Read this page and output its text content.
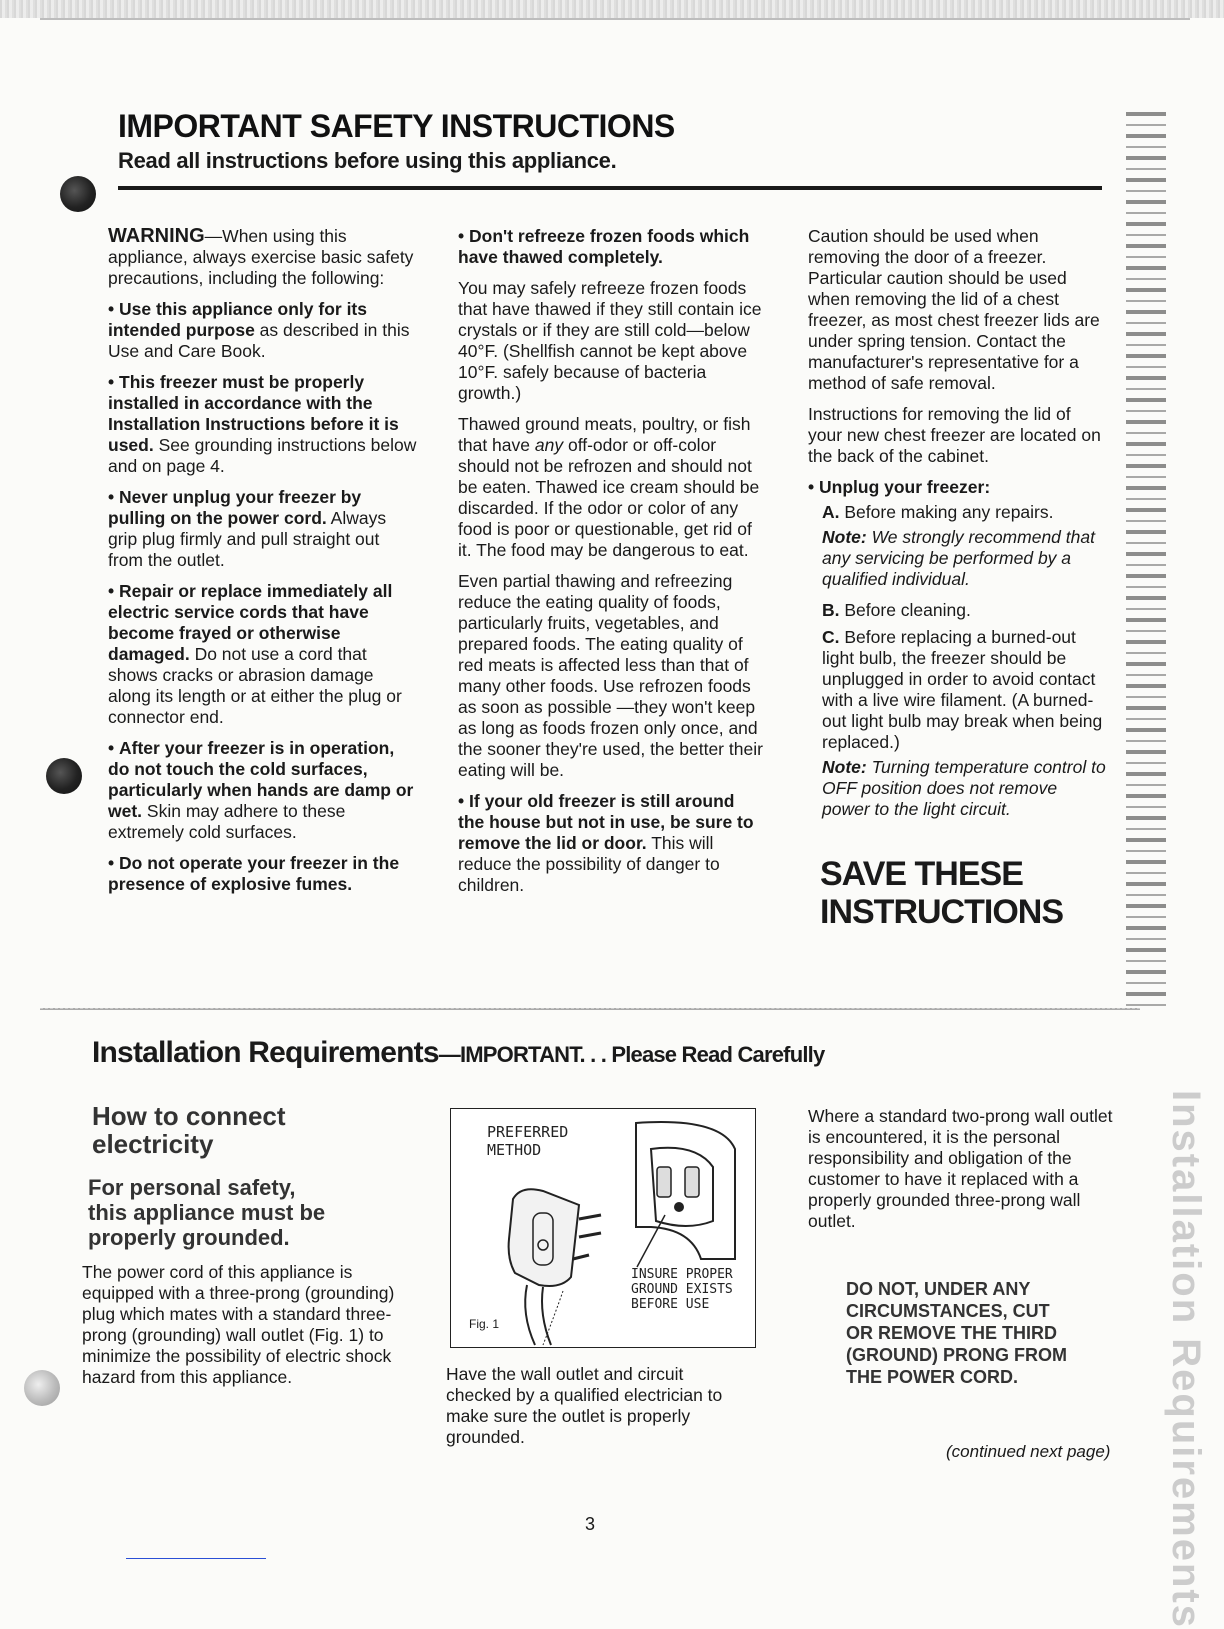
IMPORTANT SAFETY INSTRUCTIONS
Read all instructions before using this appliance.

WARNING—When using this appliance, always exercise basic safety precautions, including the following:

• Use this appliance only for its intended purpose as described in this Use and Care Book.

• This freezer must be properly installed in accordance with the Installation Instructions before it is used. See grounding instructions below and on page 4.

• Never unplug your freezer by pulling on the power cord. Always grip plug firmly and pull straight out from the outlet.

• Repair or replace immediately all electric service cords that have become frayed or otherwise damaged. Do not use a cord that shows cracks or abrasion damage along its length or at either the plug or connector end.

• After your freezer is in operation, do not touch the cold surfaces, particularly when hands are damp or wet. Skin may adhere to these extremely cold surfaces.

• Do not operate your freezer in the presence of explosive fumes.

• Don't refreeze frozen foods which have thawed completely.

You may safely refreeze frozen foods that have thawed if they still contain ice crystals or if they are still cold—below 40°F. (Shellfish cannot be kept above 10°F. safely because of bacteria growth.)

Thawed ground meats, poultry, or fish that have any off-odor or off-color should not be refrozen and should not be eaten. Thawed ice cream should be discarded. If the odor or color of any food is poor or questionable, get rid of it. The food may be dangerous to eat.

Even partial thawing and refreezing reduce the eating quality of foods, particularly fruits, vegetables, and prepared foods. The eating quality of red meats is affected less than that of many other foods. Use refrozen foods as soon as possible —they won't keep as long as foods frozen only once, and the sooner they're used, the better their eating will be.

• If your old freezer is still around the house but not in use, be sure to remove the lid or door. This will reduce the possibility of danger to children.

Caution should be used when removing the door of a freezer. Particular caution should be used when removing the lid of a chest freezer, as most chest freezer lids are under spring tension. Contact the manufacturer's representative for a method of safe removal.

Instructions for removing the lid of your new chest freezer are located on the back of the cabinet.

• Unplug your freezer:

A. Before making any repairs.

Note: We strongly recommend that any servicing be performed by a qualified individual.

B. Before cleaning.

C. Before replacing a burned-out light bulb, the freezer should be unplugged in order to avoid contact with a live wire filament. (A burned-out light bulb may break when being replaced.)

Note: Turning temperature control to OFF position does not remove power to the light circuit.

SAVE THESE
INSTRUCTIONS
Installation Requirements—IMPORTANT. . . Please Read Carefully
How to connect
electricity
For personal safety,
this appliance must be
properly grounded.
The power cord of this appliance is equipped with a three-prong (grounding) plug which mates with a standard three-prong (grounding) wall outlet (Fig. 1) to minimize the possibility of electric shock hazard from this appliance.
PREFERRED
METHOD
INSURE PROPER
GROUND EXISTS
BEFORE USE
Fig. 1
Have the wall outlet and circuit checked by a qualified electrician to make sure the outlet is properly grounded.
Where a standard two-prong wall outlet is encountered, it is the personal responsibility and obligation of the customer to have it replaced with a properly grounded three-prong wall outlet.
DO NOT, UNDER ANY
CIRCUMSTANCES, CUT
OR REMOVE THE THIRD
(GROUND) PRONG FROM
THE POWER CORD.
(continued next page) Installation Requirements
3
